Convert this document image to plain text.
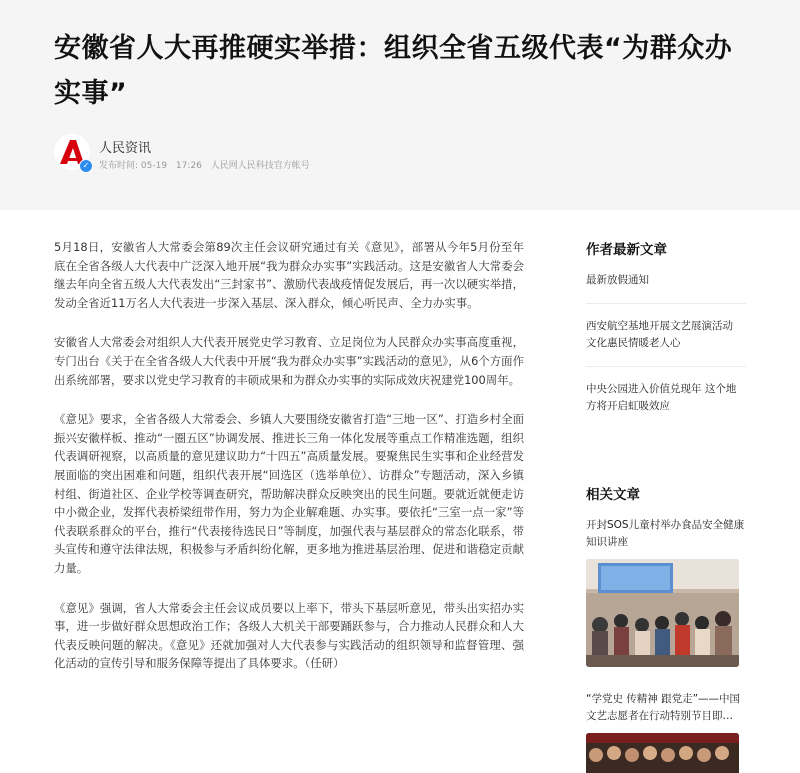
安徽省人大再推硬实举措：组织全省五级代表“为群众办实事”
✓
人民资讯
发布时间: 05-19 17:26 人民网人民科技官方帐号

5月18日，安徽省人大常委会第89次主任会议研究通过有关《意见》，部署从今年5月份至年底在全省各级人大代表中广泛深入地开展“我为群众办实事”实践活动。这是安徽省人大常委会继去年向全省五级人大代表发出“三封家书”、激励代表战疫情促发展后，再一次以硬实举措，发动全省近11万名人大代表进一步深入基层、深入群众，倾心听民声、全力办实事。

安徽省人大常委会对组织人大代表开展党史学习教育、立足岗位为人民群众办实事高度重视，专门出台《关于在全省各级人大代表中开展“我为群众办实事”实践活动的意见》，从6个方面作出系统部署，要求以党史学习教育的丰硕成果和为群众办实事的实际成效庆祝建党100周年。

《意见》要求，全省各级人大常委会、乡镇人大要围绕安徽省打造“三地一区”、打造乡村全面振兴安徽样板、推动“一圈五区”协调发展、推进长三角一体化发展等重点工作精准选题，组织代表调研视察，以高质量的意见建议助力“十四五”高质量发展。要聚焦民生实事和企业经营发展面临的突出困难和问题，组织代表开展“回选区（选举单位）、访群众”专题活动，深入乡镇村组、街道社区、企业学校等调查研究，帮助解决群众反映突出的民生问题。要就近就便走访中小微企业，发挥代表桥梁纽带作用，努力为企业解难题、办实事。要依托“三室一点一家”等代表联系群众的平台，推行“代表接待选民日”等制度，加强代表与基层群众的常态化联系，带头宣传和遵守法律法规，积极参与矛盾纠纷化解，更多地为推进基层治理、促进和谐稳定贡献力量。

《意见》强调，省人大常委会主任会议成员要以上率下，带头下基层听意见，带头出实招办实事，进一步做好群众思想政治工作；各级人大机关干部要踊跃参与，合力推动人民群众和人大代表反映问题的解决。《意见》还就加强对人大代表参与实践活动的组织领导和监督管理、强化活动的宣传引导和服务保障等提出了具体要求。（任研）

作者最新文章
最新放假通知
西安航空基地开展文艺展演活动 文化惠民情暖老人心
中央公园进入价值兑现年 这个地方将开启虹吸效应
相关文章
开封SOS儿童村举办食品安全健康知识讲座
“学党史 传精神 跟党走”——中国文艺志愿者在行动特别节目即…
